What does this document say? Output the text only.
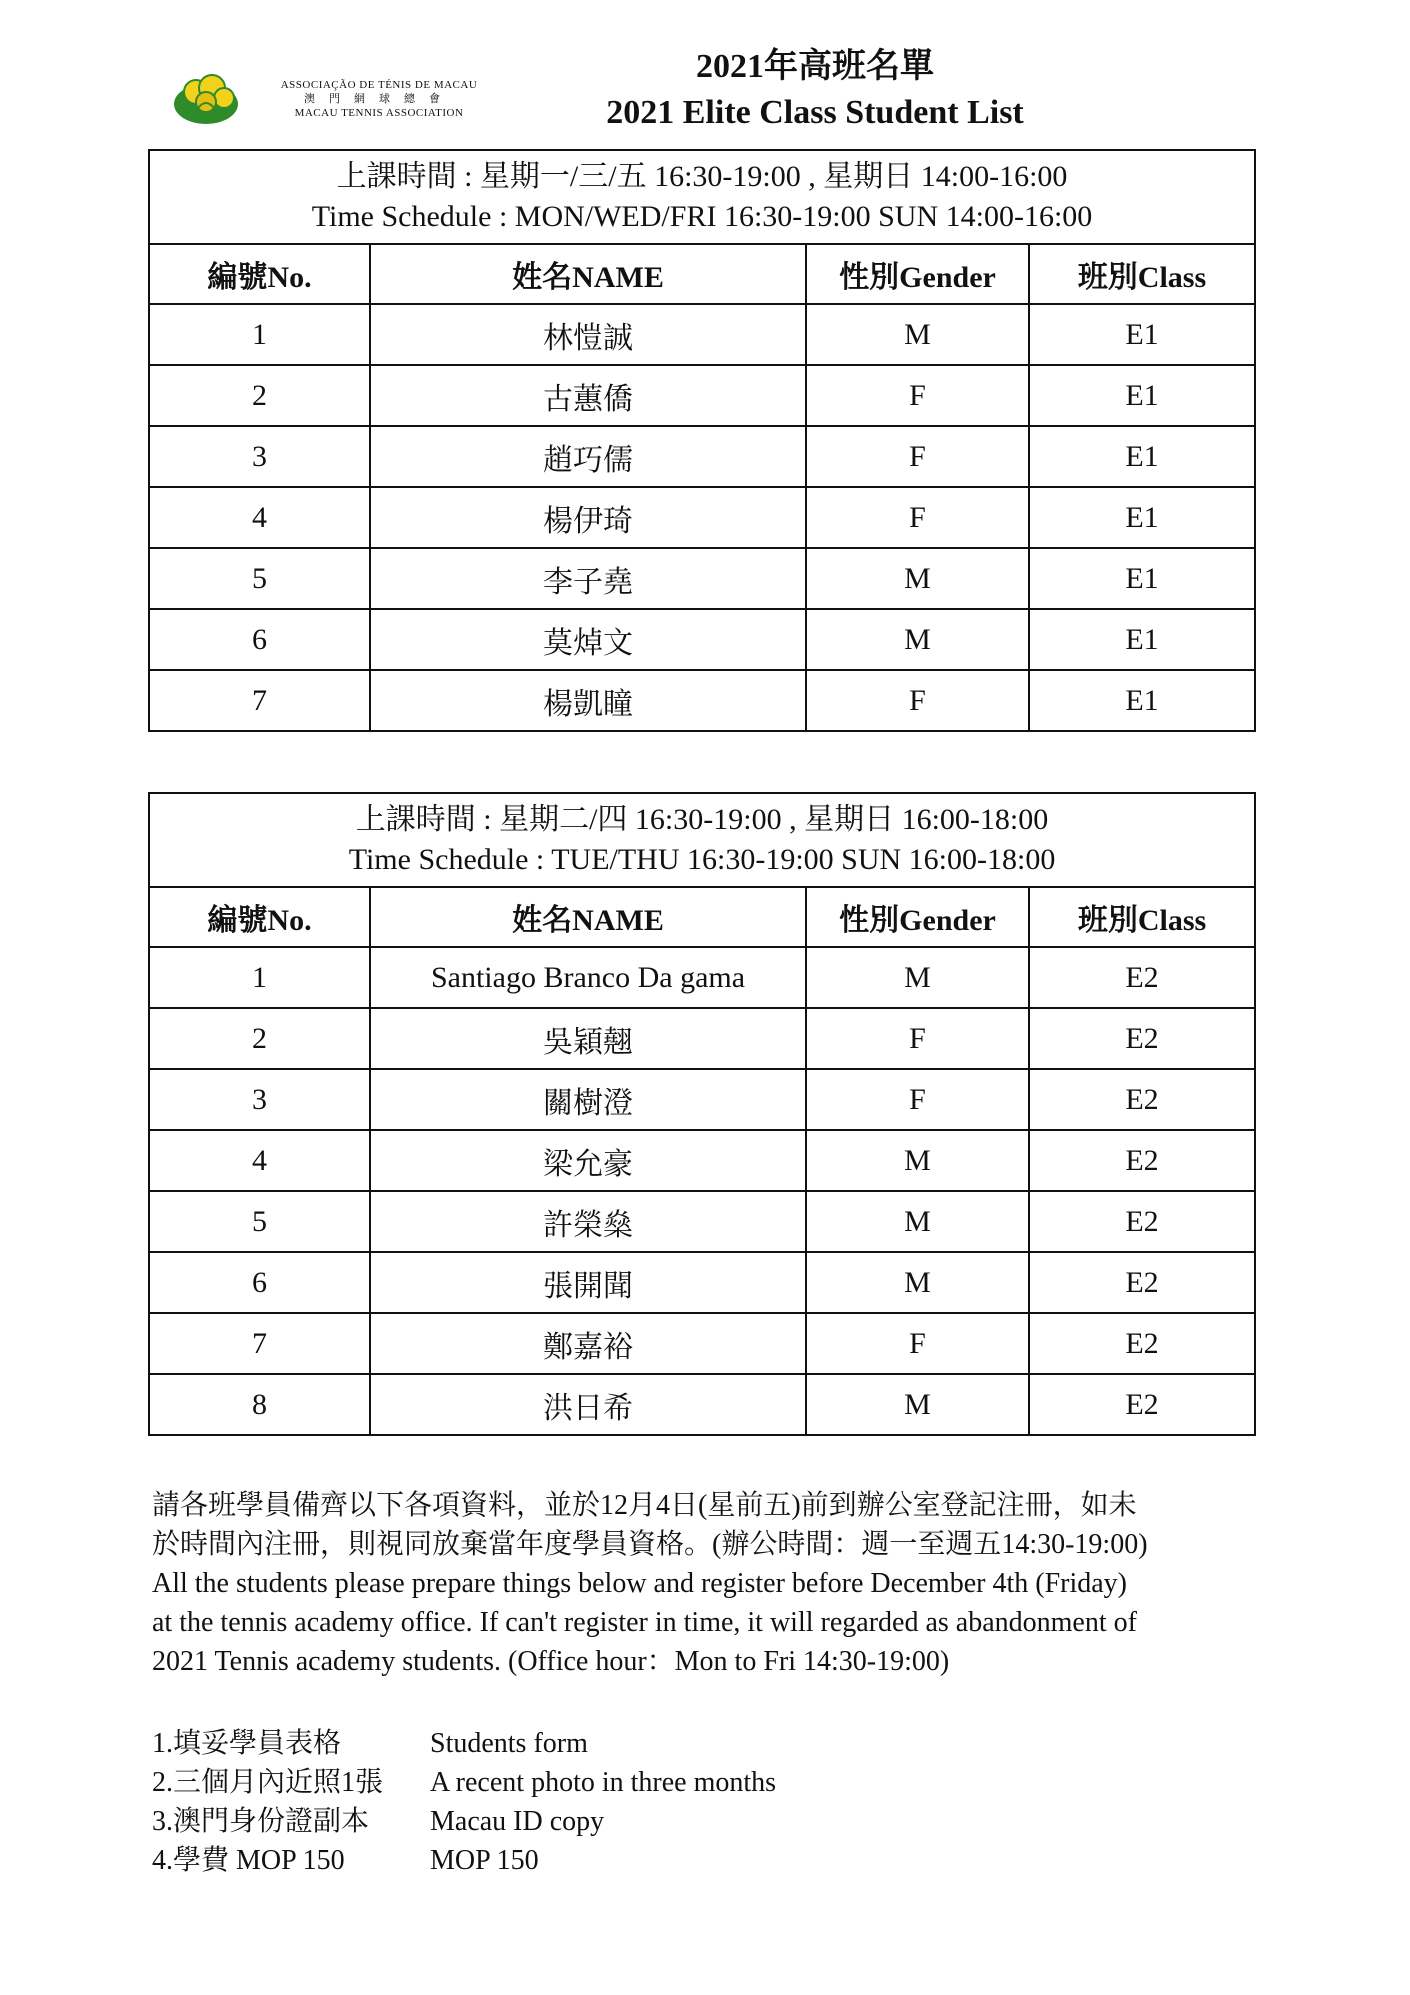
ASSOCIAÇÃO DE TÉNIS DE MACAU
澳門網球總會
MACAU TENNIS ASSOCIATION
2021年高班名單
2021 Elite Class Student List
上課時間 : 星期一/三/五 16:30-19:00 , 星期日 14:00-16:00
Time Schedule : MON/WED/FRI 16:30-19:00 SUN 14:00-16:00			

編號No.	姓名NAME	性別Gender	班別Class
1	林愷誠	M	E1
2	古蕙僑	F	E1
3	趙巧儒	F	E1
4	楊伊琦	F	E1
5	李子堯	M	E1
6	莫焯文	M	E1
7	楊凱瞳	F	E1
上課時間 : 星期二/四 16:30-19:00 , 星期日 16:00-18:00
Time Schedule : TUE/THU 16:30-19:00 SUN 16:00-18:00			

編號No.	姓名NAME	性別Gender	班別Class
1	Santiago Branco Da gama	M	E2
2	吳穎翹	F	E2
3	關樹澄	F	E2
4	梁允豪	M	E2
5	許榮燊	M	E2
6	張開聞	M	E2
7	鄭嘉裕	F	E2
8	洪日希	M	E2
請各班學員備齊以下各項資料，並於12月4日(星前五)前到辦公室登記注冊，如未
於時間內注冊，則視同放棄當年度學員資格。(辦公時間：週一至週五14:30-19:00)
All the students please prepare things below and register before December 4th (Friday)
at the tennis academy office. If can't register in time, it will regarded as abandonment of
2021 Tennis academy students. (Office hour：Mon to Fri 14:30-19:00)
1.填妥學員表格	Students form
2.三個月內近照1張 A recent photo in three months
3.澳門身份證副本 Macau ID copy
4.學費 MOP 150	MOP 150
